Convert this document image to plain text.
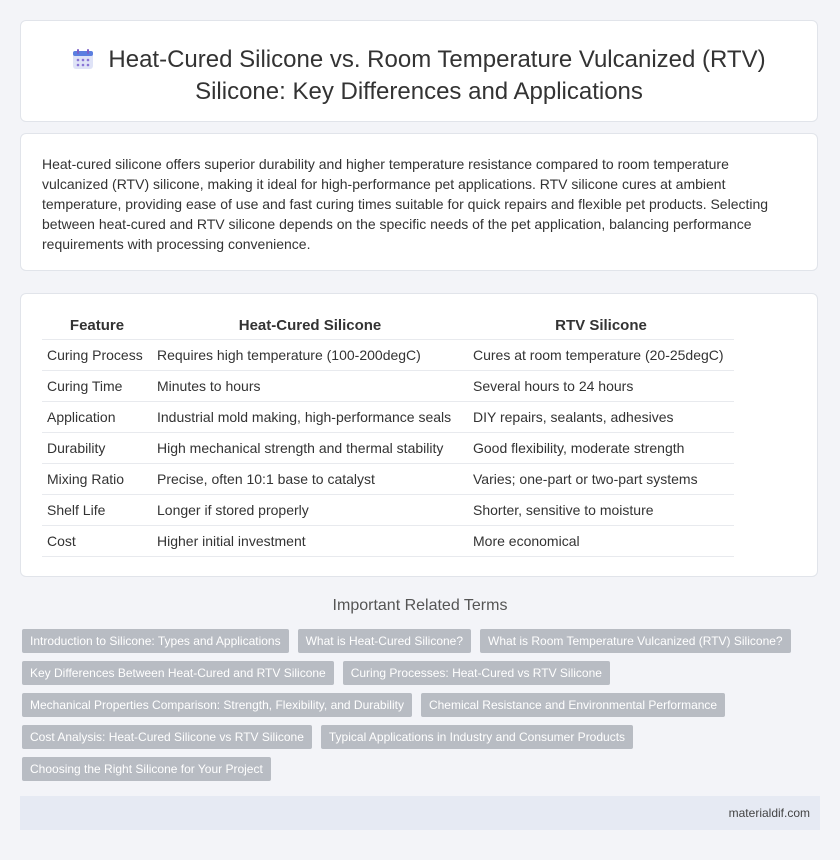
Heat-Cured Silicone vs. Room Temperature Vulcanized (RTV)
Silicone: Key Differences and Applications
Heat-cured silicone offers superior durability and higher temperature resistance compared to room temperature vulcanized (RTV) silicone, making it ideal for high-performance pet applications. RTV silicone cures at ambient temperature, providing ease of use and fast curing times suitable for quick repairs and flexible pet products. Selecting between heat-cured and RTV silicone depends on the specific needs of the pet application, balancing performance requirements with processing convenience.
Feature	Heat-Cured Silicone	RTV Silicone
Curing Process	Requires high temperature (100-200degC)	Cures at room temperature (20-25degC)
Curing Time	Minutes to hours	Several hours to 24 hours
Application	Industrial mold making, high-performance seals	DIY repairs, sealants, adhesives
Durability	High mechanical strength and thermal stability	Good flexibility, moderate strength
Mixing Ratio	Precise, often 10:1 base to catalyst	Varies; one-part or two-part systems
Shelf Life	Longer if stored properly	Shorter, sensitive to moisture
Cost	Higher initial investment	More economical
Important Related Terms
Introduction to Silicone: Types and Applications	What is Heat-Cured Silicone?	What is Room Temperature Vulcanized (RTV) Silicone?
Key Differences Between Heat-Cured and RTV Silicone	Curing Processes: Heat-Cured vs RTV Silicone
Mechanical Properties Comparison: Strength, Flexibility, and Durability	Chemical Resistance and Environmental Performance
Cost Analysis: Heat-Cured Silicone vs RTV Silicone	Typical Applications in Industry and Consumer Products
Choosing the Right Silicone for Your Project
materialdif.com
